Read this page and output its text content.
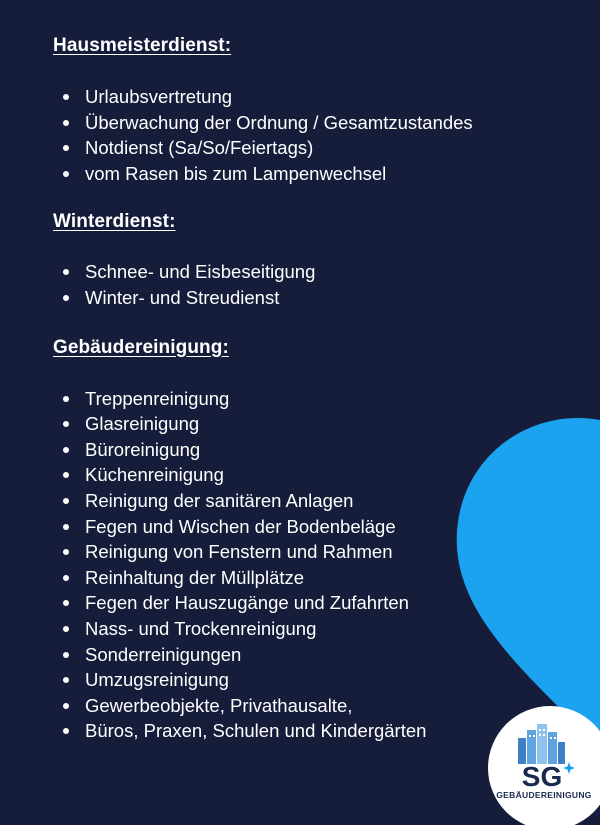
Hausmeisterdienst:
Urlaubsvertretung
Überwachung der Ordnung / Gesamtzustandes
Notdienst (Sa/So/Feiertags)
vom Rasen bis zum Lampenwechsel
Winterdienst:
Schnee- und Eisbeseitigung
Winter- und Streudienst
Gebäudereinigung:
Treppenreinigung
Glasreinigung
Büroreinigung
Küchenreinigung
Reinigung der sanitären Anlagen
Fegen und Wischen der Bodenbeläge
Reinigung von Fenstern und Rahmen
Reinhaltung der Müllplätze
Fegen der Hauszugänge und Zufahrten
Nass- und Trockenreinigung
Sonderreinigungen
Umzugsreinigung
Gewerbeobjekte, Privathausalte,
Büros, Praxen, Schulen und Kindergärten
SG
GEBÄUDEREINIGUNG
